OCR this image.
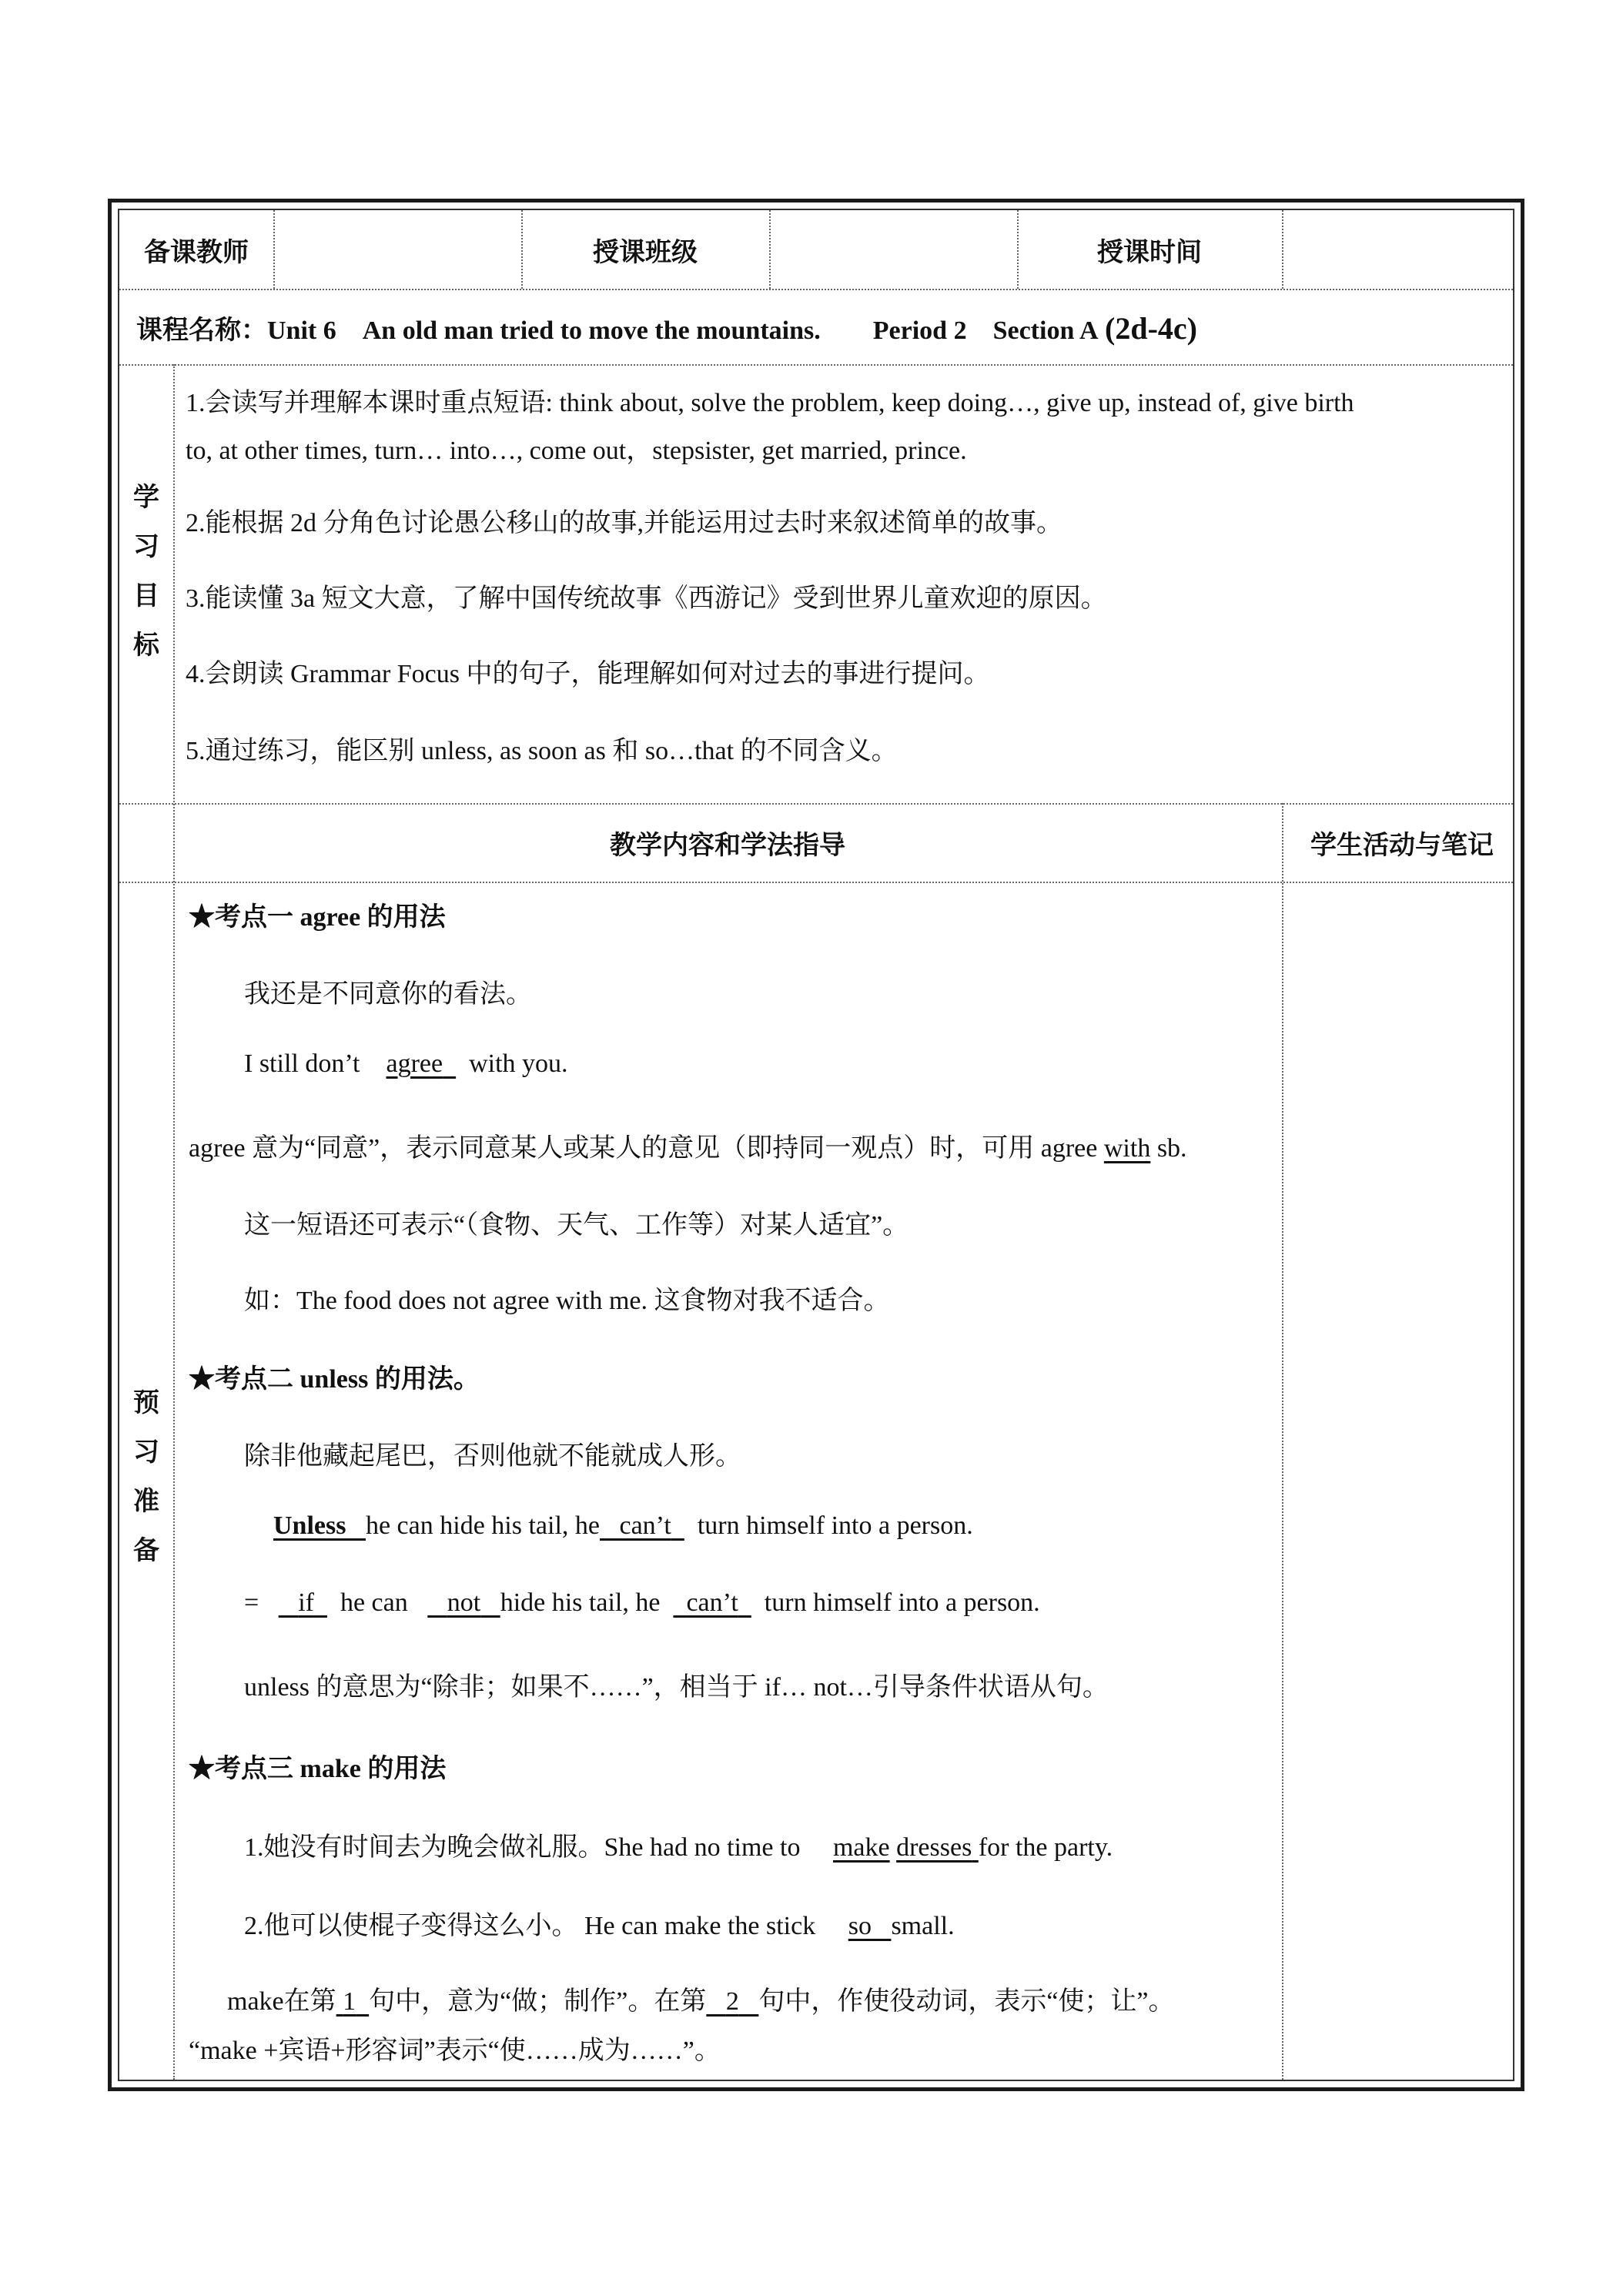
备课教师	授课班级	授课时间
课程名称：Unit 6 An old man tried to move the mountains. Period 2 Section A (2d-4c)
学
习
目
标
1.会读写并理解本课时重点短语: think about, solve the problem, keep doing…, give up, instead of, give birth
to, at other times, turn… into…, come out，stepsister, get married, prince.
2.能根据 2d 分角色讨论愚公移山的故事,并能运用过去时来叙述简单的故事。
3.能读懂 3a 短文大意，了解中国传统故事《西游记》受到世界儿童欢迎的原因。
4.会朗读 Grammar Focus 中的句子，能理解如何对过去的事进行提问。
5.通过练习，能区别 unless, as soon as 和 so…that 的不同含义。
教学内容和学法指导	学生活动与笔记
预
习
准
备
★考点一 agree 的用法
我还是不同意你的看法。
I still don’t agree with you.
agree 意为“同意”，表示同意某人或某人的意见（即持同一观点）时，可用 agree with sb.
这一短语还可表示“（食物、天气、工作等）对某人适宜”。
如：The food does not agree with me. 这食物对我不适合。
★考点二 unless 的用法。
除非他藏起尾巴，否则他就不能就成人形。
Unless he can hide his tail, he can’t turn himself into a person.
= if he can not hide his tail, he can’t turn himself into a person.
unless 的意思为“除非；如果不……”，相当于 if… not…引导条件状语从句。
★考点三 make 的用法
1.她没有时间去为晚会做礼服。She had no time to make dresses for the party.
2.他可以使棍子变得这么小。 He can make the stick so small.
make在第 1 句中，意为“做；制作”。在第 2 句中，作使役动词，表示“使；让”。
“make +宾语+形容词”表示“使……成为……”。
